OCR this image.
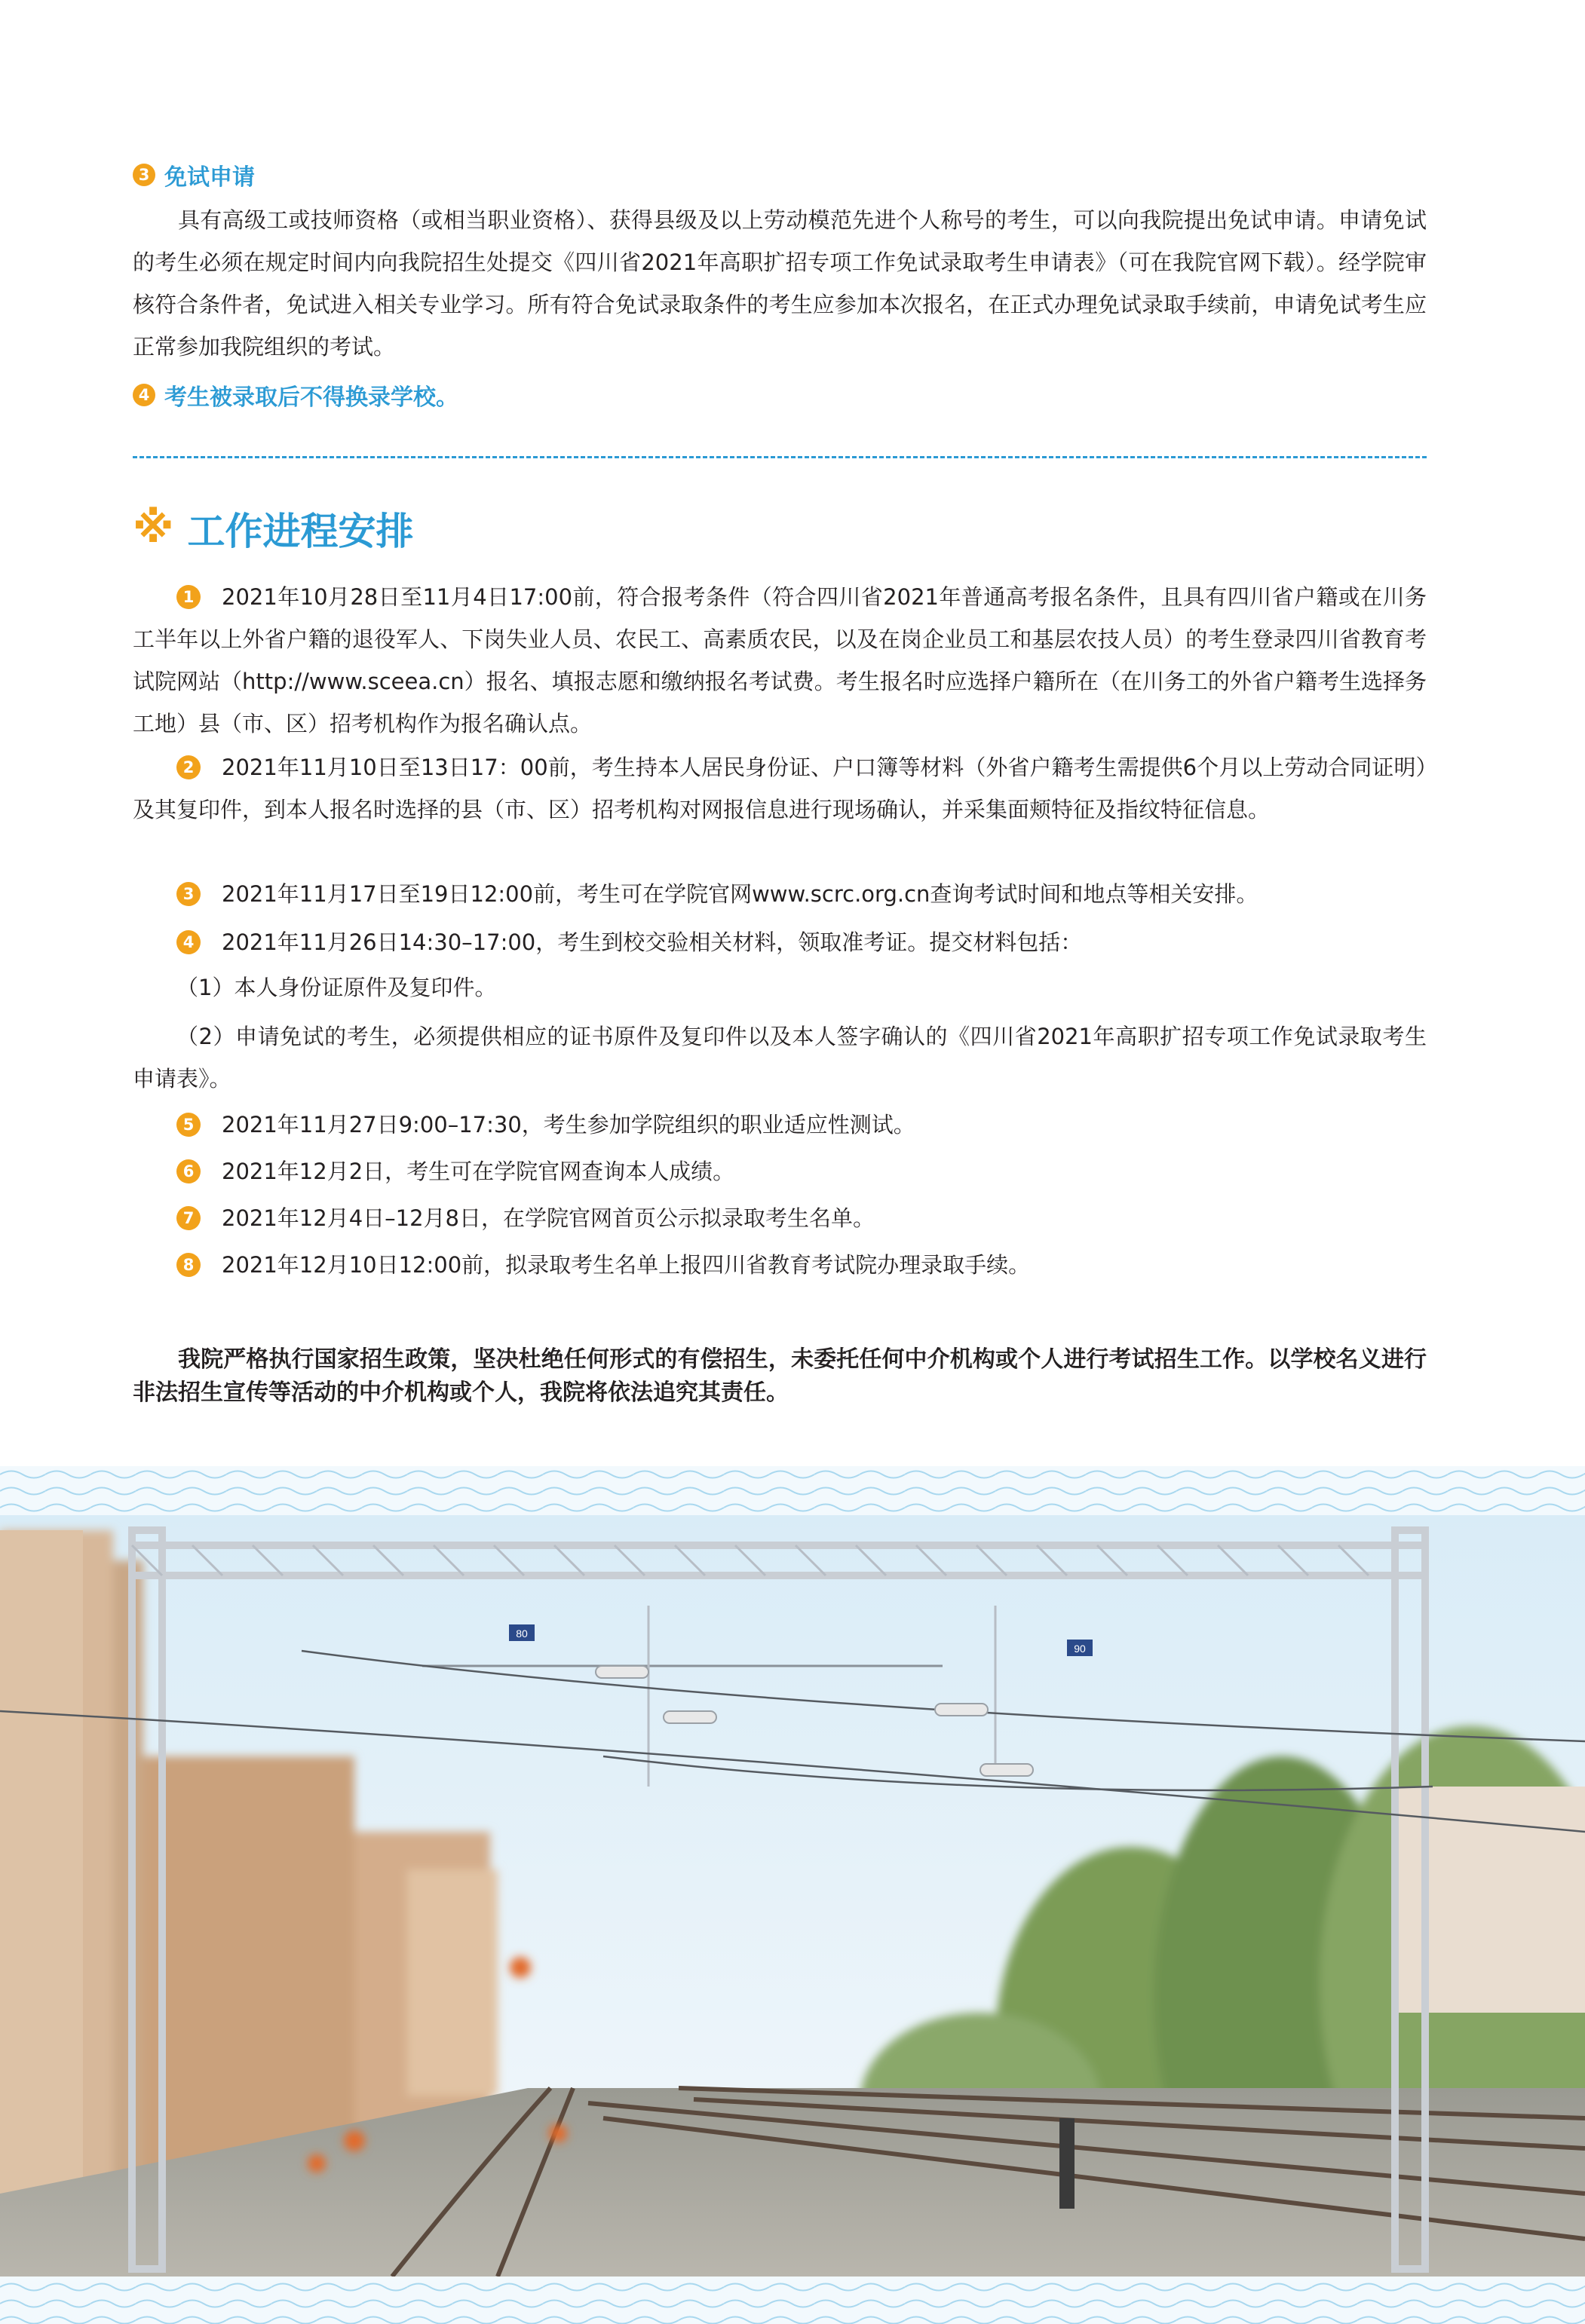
3 免试申请
具有高级工或技师资格（或相当职业资格）、获得县级及以上劳动模范先进个人称号的考生，可以向我院提出免试申请。申请免试的考生必须在规定时间内向我院招生处提交《四川省2021年高职扩招专项工作免试录取考生申请表》（可在我院官网下载）。经学院审核符合条件者，免试进入相关专业学习。所有符合免试录取条件的考生应参加本次报名，在正式办理免试录取手续前，申请免试考生应正常参加我院组织的考试。
4 考生被录取后不得换录学校。
※ 工作进程安排
1	2021年10月28日至11月4日17:00前，符合报考条件（符合四川省2021年普通高考报名条件，且具有四川省户籍或在川务工半年以上外省户籍的退役军人、下岗失业人员、农民工、高素质农民，以及在岗企业员工和基层农技人员）的考生登录四川省教育考试院网站（http://www.sceea.cn）报名、填报志愿和缴纳报名考试费。考生报名时应选择户籍所在（在川务工的外省户籍考生选择务工地）县（市、区）招考机构作为报名确认点。
2	2021年11月10日至13日17：00前，考生持本人居民身份证、户口簿等材料（外省户籍考生需提供6个月以上劳动合同证明）及其复印件，到本人报名时选择的县（市、区）招考机构对网报信息进行现场确认，并采集面颊特征及指纹特征信息。
3	2021年11月17日至19日12:00前，考生可在学院官网www.scrc.org.cn查询考试时间和地点等相关安排。
4	2021年11月26日14:30–17:00，考生到校交验相关材料，领取准考证。提交材料包括：
（1）本人身份证原件及复印件。
（2）申请免试的考生，必须提供相应的证书原件及复印件以及本人签字确认的《四川省2021年高职扩招专项工作免试录取考生申请表》。
5	2021年11月27日9:00–17:30，考生参加学院组织的职业适应性测试。
6	2021年12月2日，考生可在学院官网查询本人成绩。
7	2021年12月4日–12月8日，在学院官网首页公示拟录取考生名单。
8	2021年12月10日12:00前，拟录取考生名单上报四川省教育考试院办理录取手续。
我院严格执行国家招生政策，坚决杜绝任何形式的有偿招生，未委托任何中介机构或个人进行考试招生工作。以学校名义进行非法招生宣传等活动的中介机构或个人，我院将依法追究其责任。
80
90
